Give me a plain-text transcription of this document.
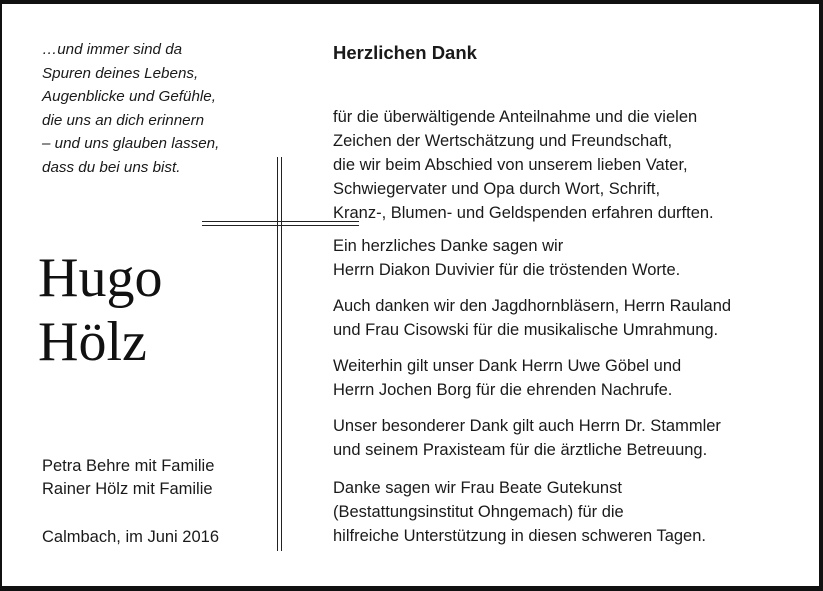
…und immer sind da

Spuren deines Lebens,

Augenblicke und Gefühle,

die uns an dich erinnern

– und uns glauben lassen,

dass du bei uns bist.

Hugo
Hölz
Petra Behre mit Familie
Rainer Hölz mit Familie
Calmbach, im Juni 2016
Herzlichen Dank
für die überwältigende Anteilnahme und die vielen
Zeichen der Wertschätzung und Freundschaft,
die wir beim Abschied von unserem lieben Vater,
Schwiegervater und Opa durch Wort, Schrift,
Kranz-, Blumen- und Geldspenden erfahren durften.
Ein herzliches Danke sagen wir
Herrn Diakon Duvivier für die tröstenden Worte.
Auch danken wir den Jagdhornbläsern, Herrn Rauland
und Frau Cisowski für die musikalische Umrahmung.
Weiterhin gilt unser Dank Herrn Uwe Göbel und
Herrn Jochen Borg für die ehrenden Nachrufe.
Unser besonderer Dank gilt auch Herrn Dr. Stammler
und seinem Praxisteam für die ärztliche Betreuung.
Danke sagen wir Frau Beate Gutekunst
(Bestattungsinstitut Ohngemach) für die
hilfreiche Unterstützung in diesen schweren Tagen.
